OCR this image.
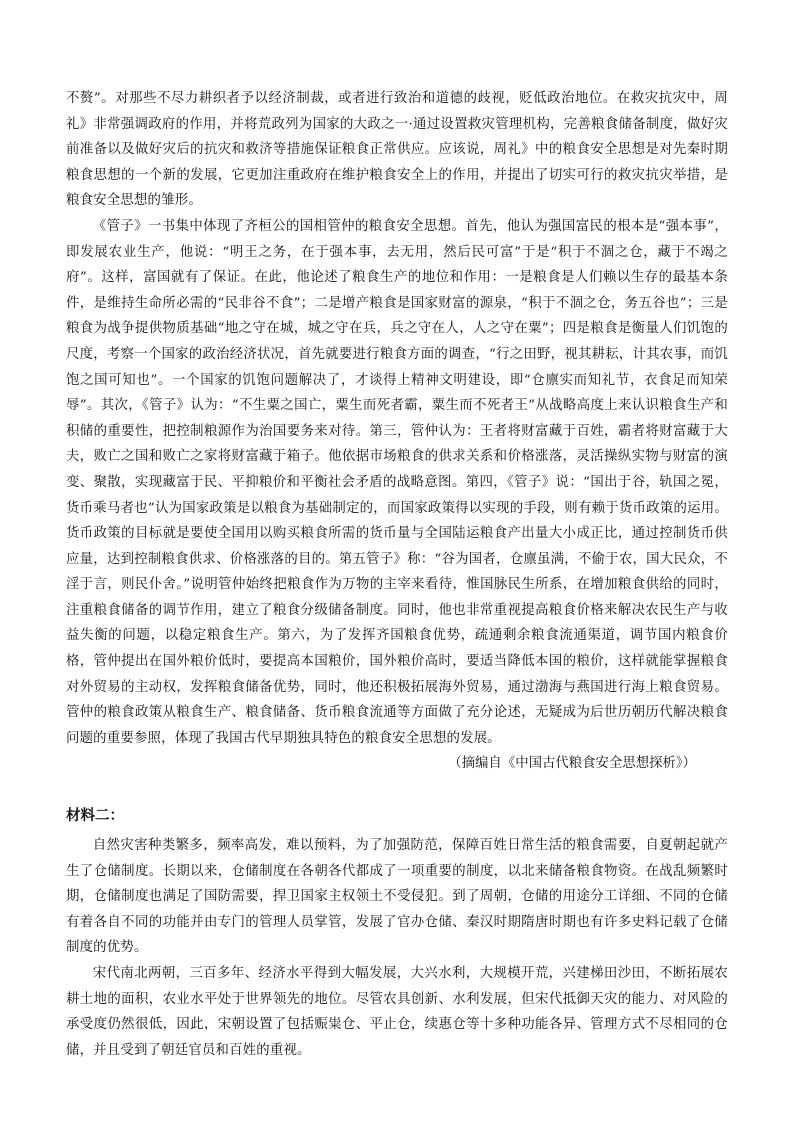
不赘”。对那些不尽力耕织者予以经济制裁，或者进行致治和道德的歧视，贬低政治地位。在救灾抗灾中，周礼》非常强调政府的作用，并将荒政列为国家的大政之一·通过设置救灾管理机构，完善粮食储备制度，做好灾前准备以及做好灾后的抗灾和救济等措施保证粮食正常供应。应该说，周礼》中的粮食安全思想是对先秦时期粮食思想的一个新的发展，它更加注重政府在维护粮食安全上的作用，并提出了切实可行的救灾抗灾举措，是粮食安全思想的雏形。

《管子》一书集中体现了齐桓公的国相管仲的粮食安全思想。首先，他认为强国富民的根本是“强本事”，即发展农业生产，他说：“明王之务，在于强本事，去无用，然后民可富”于是“积于不涸之仓，藏于不竭之府”。这样，富国就有了保证。在此，他论述了粮食生产的地位和作用：一是粮食是人们赖以生存的最基本条件，是维持生命所必需的“民非谷不食”；二是增产粮食是国家财富的源泉，“积于不涸之仓，务五谷也”；三是粮食为战争提供物质基础“地之守在城，城之守在兵，兵之守在人，人之守在粟”；四是粮食是衡量人们饥饱的尺度，考察一个国家的政治经济状况，首先就要进行粮食方面的调查，“行之田野，视其耕耘，计其农事，而饥饱之国可知也”。一个国家的饥饱问题解决了，才谈得上精神文明建设，即“仓廪实而知礼节，衣食足而知荣辱”。其次，《管子》认为：“不生粟之国亡，粟生而死者霸，粟生而不死者王“从战略高度上来认识粮食生产和积储的重要性，把控制粮源作为治国要务来对待。第三，管仲认为：王者将财富藏于百姓，霸者将财富藏于大夫，败亡之国和败亡之家将财富藏于箱子。他依据市场粮食的供求关系和价格涨落，灵活操纵实物与财富的演变、聚散，实现藏富于民、平抑粮价和平衡社会矛盾的战略意图。第四，《管子》说：“国出于谷，轨国之冕，货币乘马者也”认为国家政策是以粮食为基础制定的，而国家政策得以实现的手段，则有赖于货币政策的运用。货币政策的目标就是要使全国用以购买粮食所需的货币量与全国陆运粮食产出量大小成正比，通过控制货币供应量，达到控制粮食供求、价格涨落的目的。第五管子》称：“谷为国者，仓廪虽满，不偷于农，国大民众，不淫于言，则民仆舍。”说明管仲始终把粮食作为万物的主宰来看待，惟国脉民生所系，在增加粮食供给的同时，注重粮食储备的调节作用，建立了粮食分级储备制度。同时，他也非常重视提高粮食价格来解决农民生产与收益失衡的问题，以稳定粮食生产。第六，为了发挥齐国粮食优势，疏通剩余粮食流通渠道，调节国内粮食价格，管仲提出在国外粮价低时，要提高本国粮价，国外粮价高时，要适当降低本国的粮价，这样就能掌握粮食对外贸易的主动权，发挥粮食储备优势，同时，他还积极拓展海外贸易，通过渤海与燕国进行海上粮食贸易。管仲的粮食政策从粮食生产、粮食储备、货币粮食流通等方面做了充分论述，无疑成为后世历朝历代解决粮食问题的重要参照，体现了我国古代早期独具特色的粮食安全思想的发展。

（摘编自《中国古代粮食安全思想探析》）

材料二：

自然灾害种类繁多，频率高发，难以预料，为了加强防范，保障百姓日常生活的粮食需要，自夏朝起就产生了仓储制度。长期以来，仓储制度在各朝各代都成了一项重要的制度，以北来储备粮食物资。在战乱频繁时期，仓储制度也满足了国防需要，捍卫国家主权领土不受侵犯。到了周朝，仓储的用途分工详细、不同的仓储有着各自不同的功能并由专门的管理人员掌管，发展了官办仓储、秦汉时期隋唐时期也有许多史料记载了仓储制度的优势。

宋代南北两朝，三百多年、经济水平得到大幅发展，大兴水利，大规模开荒，兴建梯田沙田，不断拓展农耕土地的面积，农业水平处于世界领先的地位。尽管农具创新、水利发展，但宋代抵御天灾的能力、对风险的承受度仍然很低，因此，宋朝设置了包括赈粜仓、平止仓，续惠仓等十多种功能各异、管理方式不尽相同的仓储，并且受到了朝廷官员和百姓的重视。
